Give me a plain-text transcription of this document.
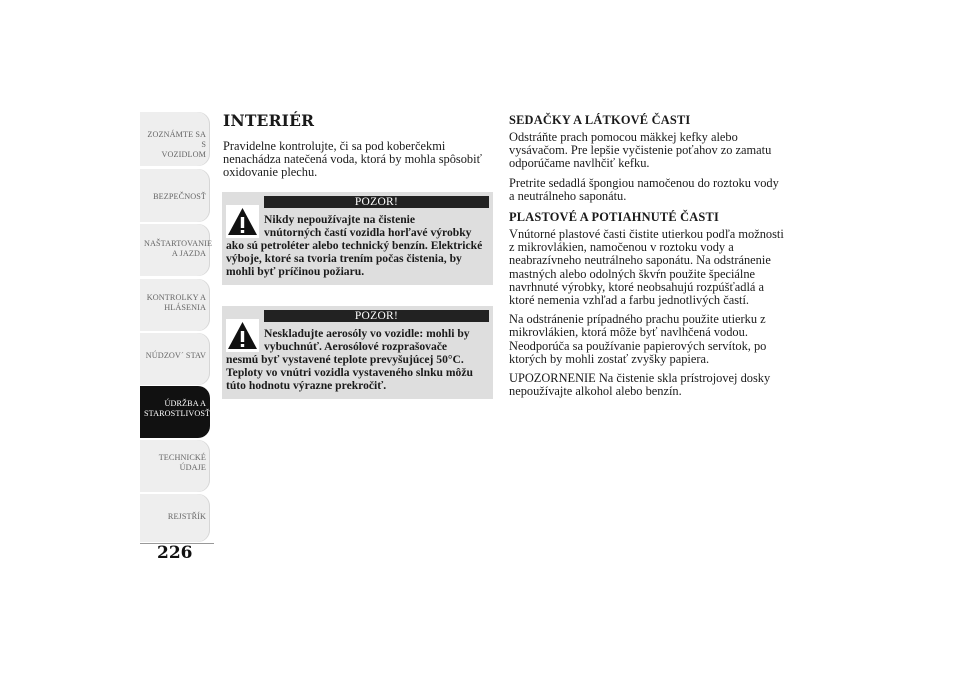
ZOZNÁMTE SA S
VOZIDLOM
BEZPEČNOSŤ
NAŠTARTOVANIE
A JAZDA
KONTROLKY A
HLÁSENIA
NÚDZOV´ STAV
ÚDRŽBA A
STAROSTLIVOSŤ
TECHNICKÉ
ÚDAJE
REJSTŘÍK
226
INTERIÉR

Pravidelne kontrolujte, či sa pod koberčekmi nenachádza natečená voda, ktorá by mohla spôsobiť oxidovanie plechu.

POZOR!
Nikdy nepoužívajte na čistenie
vnútorných častí vozidla horľavé výrobky
ako sú petroléter alebo technický benzín. Elektrické výboje, ktoré sa tvoria trením počas čistenia, by mohli byť príčinou požiaru.
POZOR!
Neskladujte aerosóly vo vozidle: mohli by
vybuchnúť. Aerosólové rozprašovače
nesmú byť vystavené teplote prevyšujúcej 50°C. Teploty vo vnútri vozidla vystaveného slnku môžu túto hodnotu výrazne prekročiť.
SEDAČKY A LÁTKOVÉ ČASTI

Odstráňte prach pomocou mäkkej kefky alebo vysávačom. Pre lepšie vyčistenie poťahov zo zamatu odporúčame navlhčiť kefku.

Pretrite sedadlá špongiou namočenou do roztoku vody a neutrálneho saponátu.

PLASTOVÉ A POTIAHNUTÉ ČASTI

Vnútorné plastové časti čistite utierkou podľa možnosti z mikrovlákien, namočenou v roztoku vody a neabrazívneho neutrálneho saponátu. Na odstránenie mastných alebo odolných škvŕn použite špeciálne navrhnuté výrobky, ktoré neobsahujú rozpúšťadlá a ktoré nemenia vzhľad a farbu jednotlivých častí.

Na odstránenie prípadného prachu použite utierku z mikrovlákien, ktorá môže byť navlhčená vodou. Neodporúča sa používanie papierových servítok, po ktorých by mohli zostať zvyšky papiera.

UPOZORNENIE Na čistenie skla prístrojovej dosky nepoužívajte alkohol alebo benzín.
